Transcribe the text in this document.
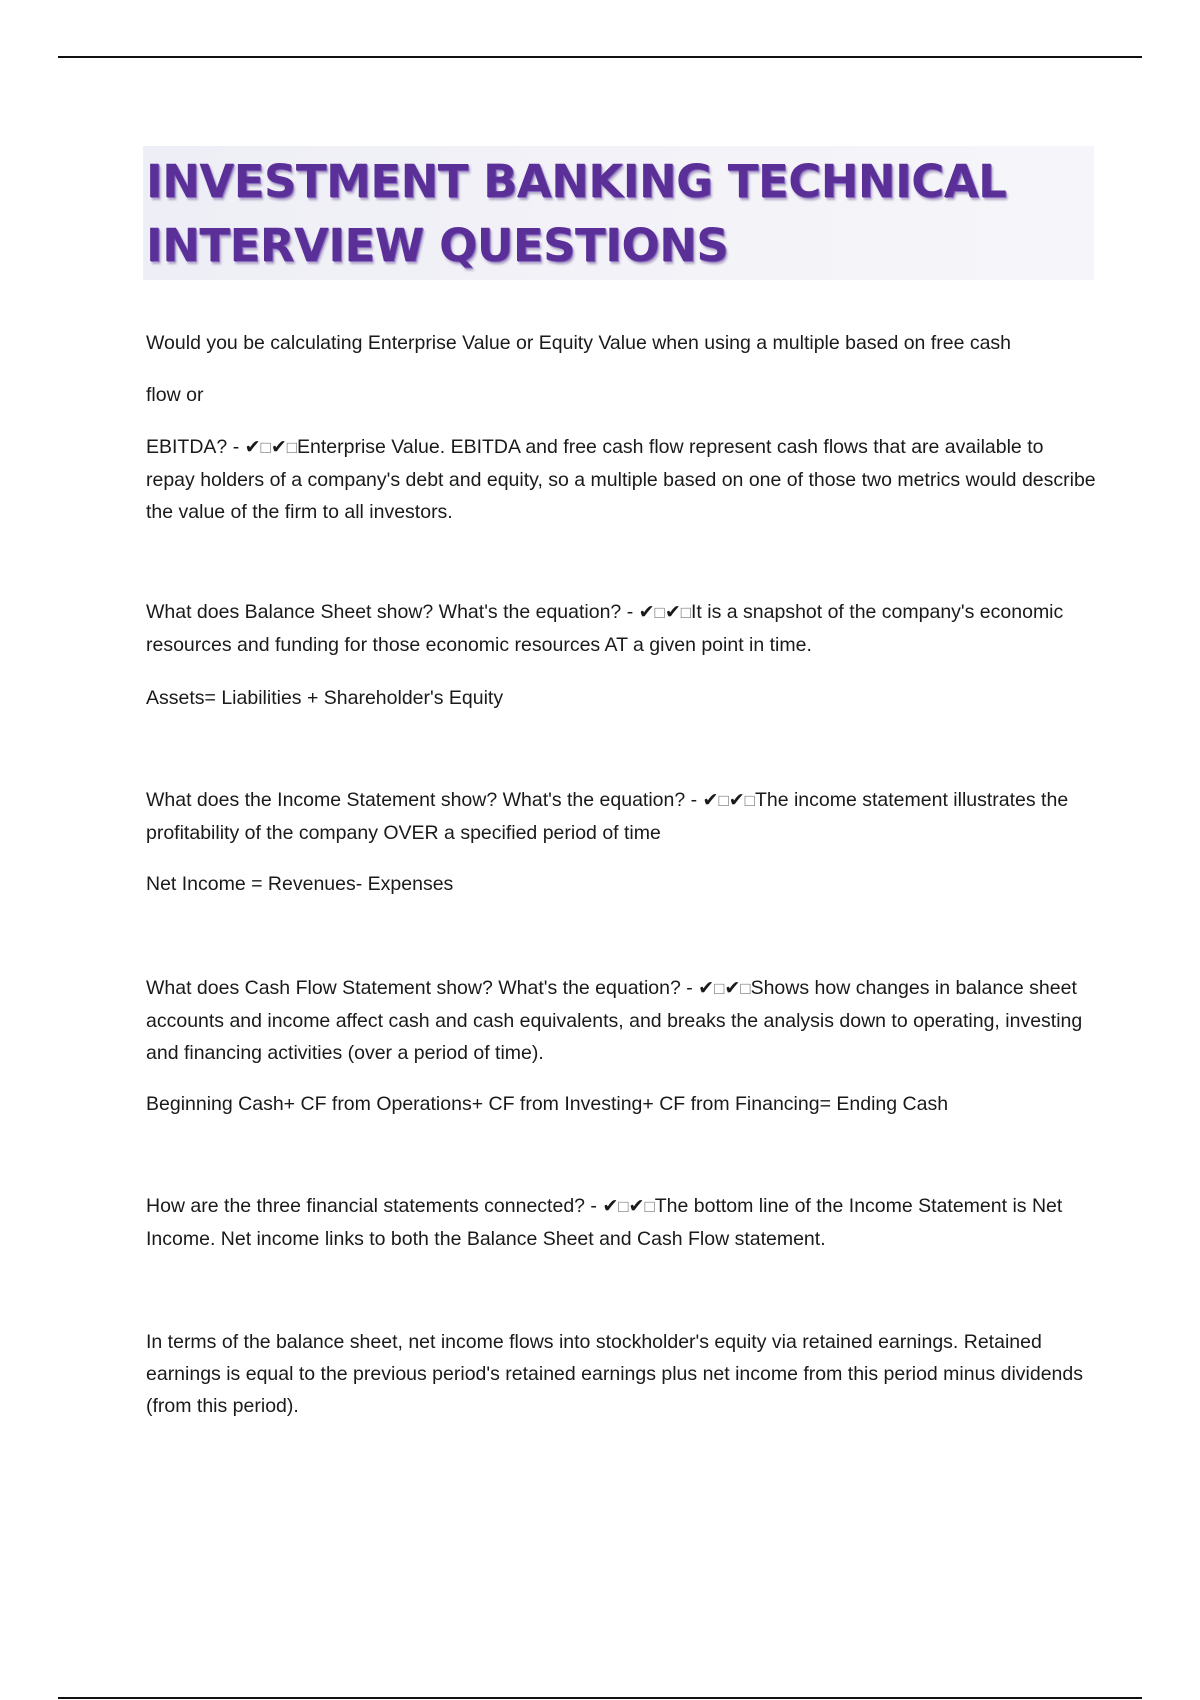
INVESTMENT BANKING TECHNICAL INTERVIEW QUESTIONS

Would you be calculating Enterprise Value or Equity Value when using a multiple based on free cash

flow or

EBITDA? - ✔□✔□Enterprise Value. EBITDA and free cash flow represent cash flows that are available to repay holders of a company's debt and equity, so a multiple based on one of those two metrics would describe the value of the firm to all investors.

What does Balance Sheet show? What's the equation? - ✔□✔□It is a snapshot of the company's economic resources and funding for those economic resources AT a given point in time.

Assets= Liabilities + Shareholder's Equity

What does the Income Statement show? What's the equation? - ✔□✔□The income statement illustrates the profitability of the company OVER a specified period of time

Net Income = Revenues- Expenses

What does Cash Flow Statement show? What's the equation? - ✔□✔□Shows how changes in balance sheet accounts and income affect cash and cash equivalents, and breaks the analysis down to operating, investing and financing activities (over a period of time).

Beginning Cash+ CF from Operations+ CF from Investing+ CF from Financing= Ending Cash

How are the three financial statements connected? - ✔□✔□The bottom line of the Income Statement is Net Income. Net income links to both the Balance Sheet and Cash Flow statement.

In terms of the balance sheet, net income flows into stockholder's equity via retained earnings. Retained earnings is equal to the previous period's retained earnings plus net income from this period minus dividends (from this period).
